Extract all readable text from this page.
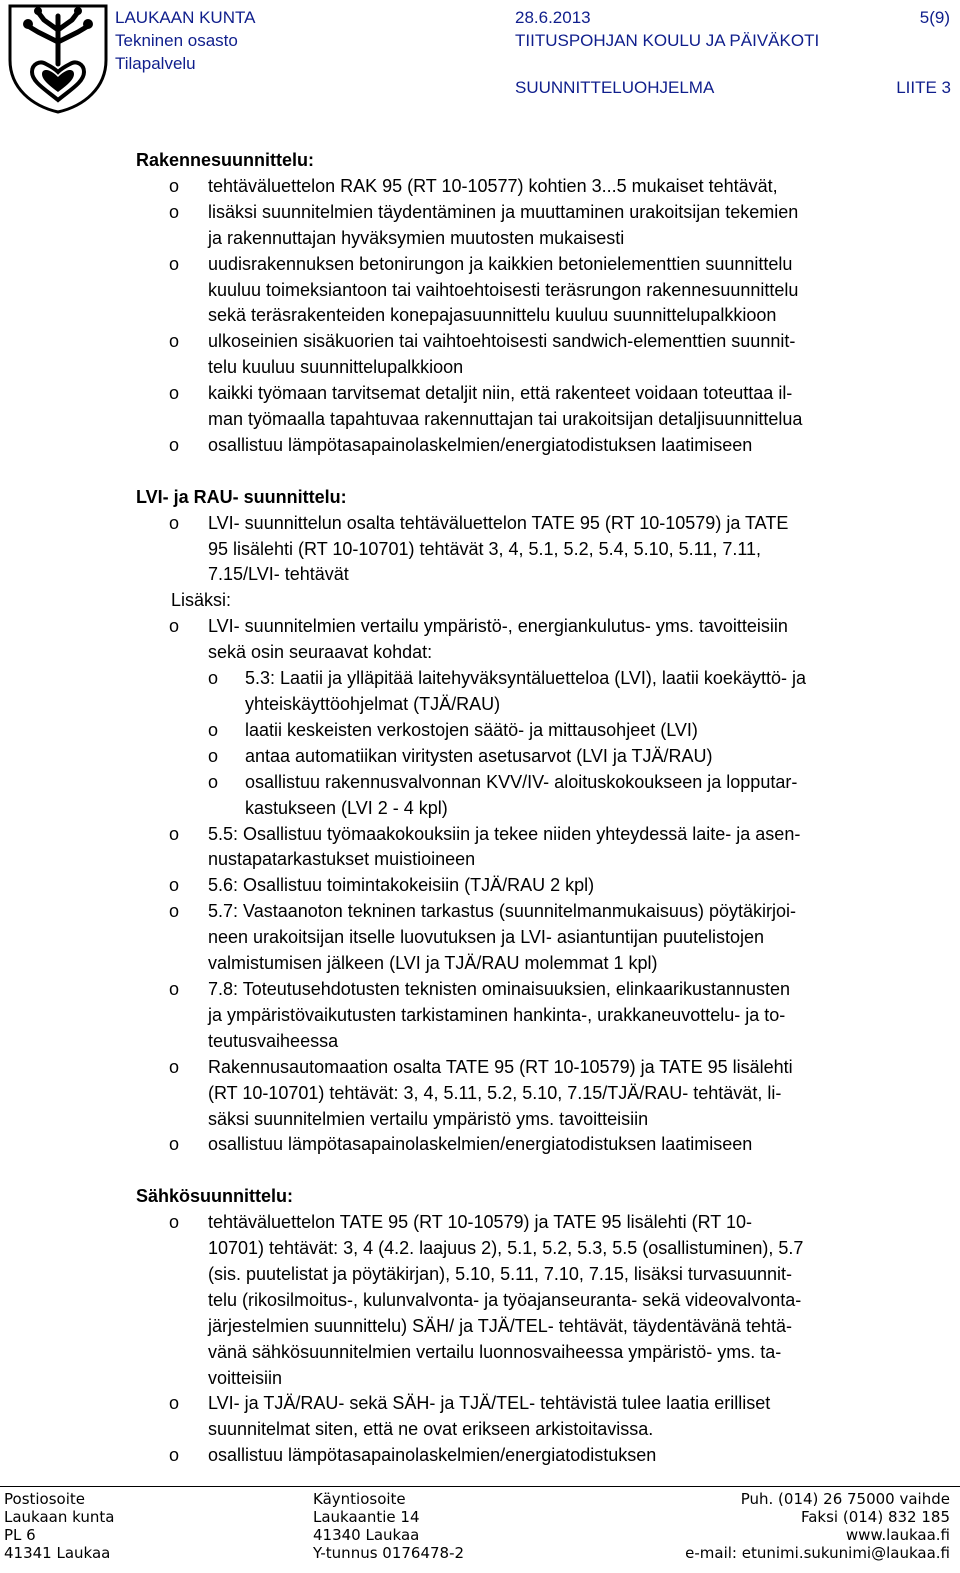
LAUKAAN KUNTA
Tekninen osasto
Tilapalvelu
28.6.2013
TIITUSPOHJAN KOULU JA PÄIVÄKOTI
5(9)
SUUNNITTELUOHJELMA	LIITE 3
Rakennesuunnittelu:
o tehtäväluettelon RAK 95 (RT 10-10577) kohtien 3...5 mukaiset tehtävät,
o lisäksi suunnitelmien täydentäminen ja muuttaminen urakoitsijan tekemien
ja rakennuttajan hyväksymien muutosten mukaisesti
o uudisrakennuksen betonirungon ja kaikkien betonielementtien suunnittelu
kuuluu toimeksiantoon tai vaihtoehtoisesti teräsrungon rakennesuunnittelu
sekä teräsrakenteiden konepajasuunnittelu kuuluu suunnittelupalkkioon
o ulkoseinien sisäkuorien tai vaihtoehtoisesti sandwich-elementtien suunnit-
telu kuuluu suunnittelupalkkioon
o kaikki työmaan tarvitsemat detaljit niin, että rakenteet voidaan toteuttaa il-
man työmaalla tapahtuvaa rakennuttajan tai urakoitsijan detaljisuunnittelua
o osallistuu lämpötasapainolaskelmien/energiatodistuksen laatimiseen
LVI- ja RAU- suunnittelu:
o LVI- suunnittelun osalta tehtäväluettelon TATE 95 (RT 10-10579) ja TATE
95 lisälehti (RT 10-10701) tehtävät 3, 4, 5.1, 5.2, 5.4, 5.10, 5.11, 7.11,
7.15/LVI- tehtävät
Lisäksi:
o LVI- suunnitelmien vertailu ympäristö-, energiankulutus- yms. tavoitteisiin
sekä osin seuraavat kohdat:
o 5.3: Laatii ja ylläpitää laitehyväksyntäluetteloa (LVI), laatii koekäyttö- ja
yhteiskäyttöohjelmat (TJÄ/RAU)
o laatii keskeisten verkostojen säätö- ja mittausohjeet (LVI)
o antaa automatiikan viritysten asetusarvot (LVI ja TJÄ/RAU)
o osallistuu rakennusvalvonnan KVV/IV- aloituskokoukseen ja lopputar-
kastukseen (LVI 2 - 4 kpl)
o 5.5: Osallistuu työmaakokouksiin ja tekee niiden yhteydessä laite- ja asen-
nustapatarkastukset muistioineen
o 5.6: Osallistuu toimintakokeisiin (TJÄ/RAU 2 kpl)
o 5.7: Vastaanoton tekninen tarkastus (suunnitelmanmukaisuus) pöytäkirjoi-
neen urakoitsijan itselle luovutuksen ja LVI- asiantuntijan puutelistojen
valmistumisen jälkeen (LVI ja TJÄ/RAU molemmat 1 kpl)
o 7.8: Toteutusehdotusten teknisten ominaisuuksien, elinkaarikustannusten
ja ympäristövaikutusten tarkistaminen hankinta-, urakkaneuvottelu- ja to-
teutusvaiheessa
o Rakennusautomaation osalta TATE 95 (RT 10-10579) ja TATE 95 lisälehti
(RT 10-10701) tehtävät: 3, 4, 5.11, 5.2, 5.10, 7.15/TJÄ/RAU- tehtävät, li-
säksi suunnitelmien vertailu ympäristö yms. tavoitteisiin
o osallistuu lämpötasapainolaskelmien/energiatodistuksen laatimiseen
Sähkösuunnittelu:
o tehtäväluettelon TATE 95 (RT 10-10579) ja TATE 95 lisälehti (RT 10-
10701) tehtävät: 3, 4 (4.2. laajuus 2), 5.1, 5.2, 5.3, 5.5 (osallistuminen), 5.7
(sis. puutelistat ja pöytäkirjan), 5.10, 5.11, 7.10, 7.15, lisäksi turvasuunnit-
telu (rikosilmoitus-, kulunvalvonta- ja työajanseuranta- sekä videovalvonta-
järjestelmien suunnittelu) SÄH/ ja TJÄ/TEL- tehtävät, täydentävänä tehtä-
vänä sähkösuunnitelmien vertailu luonnosvaiheessa ympäristö- yms. ta-
voitteisiin
o LVI- ja TJÄ/RAU- sekä SÄH- ja TJÄ/TEL- tehtävistä tulee laatia erilliset
suunnitelmat siten, että ne ovat erikseen arkistoitavissa.
o osallistuu lämpötasapainolaskelmien/energiatodistuksen
Postiosoite
Laukaan kunta
PL 6
41341 Laukaa
Käyntiosoite
Laukaantie 14
41340 Laukaa
Y-tunnus 0176478-2
Puh. (014) 26 75000 vaihde
Faksi (014) 832 185
www.laukaa.fi
e-mail: etunimi.sukunimi@laukaa.fi
